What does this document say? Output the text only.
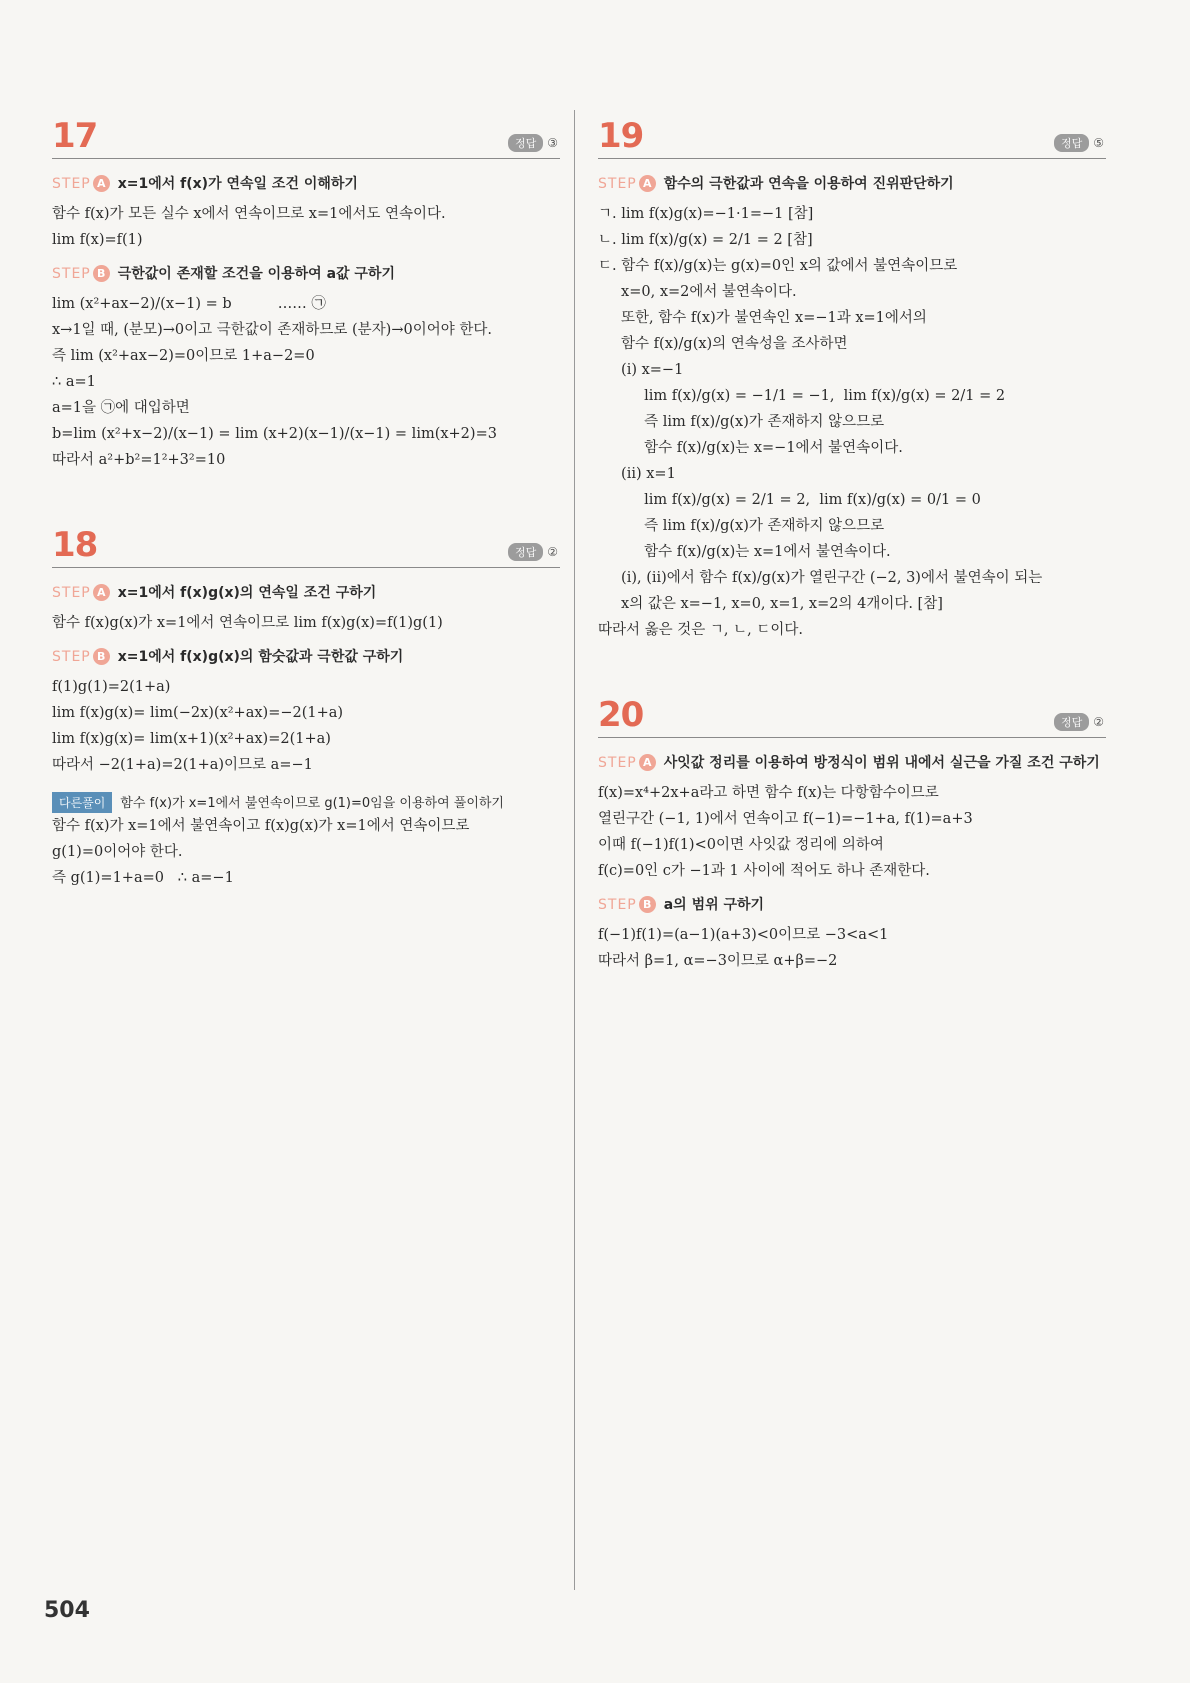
17	정답 ③
STEP A x=1에서 f(x)가 연속일 조건 이해하기
함수 f(x)가 모든 실수 x에서 연속이므로 x=1에서도 연속이다.
lim f(x)=f(1)
STEP B 극한값이 존재할 조건을 이용하여 a값 구하기
lim (x²+ax−2)/(x−1) = b          …… ㉠
x→1일 때, (분모)→0이고 극한값이 존재하므로 (분자)→0이어야 한다.
즉 lim (x²+ax−2)=0이므로 1+a−2=0
∴ a=1
a=1을 ㉠에 대입하면
b=lim (x²+x−2)/(x−1) = lim (x+2)(x−1)/(x−1) = lim(x+2)=3
따라서 a²+b²=1²+3²=10
18	정답 ②
STEP A x=1에서 f(x)g(x)의 연속일 조건 구하기
함수 f(x)g(x)가 x=1에서 연속이므로 lim f(x)g(x)=f(1)g(1)
STEP B x=1에서 f(x)g(x)의 함숫값과 극한값 구하기
f(1)g(1)=2(1+a)
lim f(x)g(x)= lim(−2x)(x²+ax)=−2(1+a)
lim f(x)g(x)= lim(x+1)(x²+ax)=2(1+a)
따라서 −2(1+a)=2(1+a)이므로 a=−1
다른풀이 함수 f(x)가 x=1에서 불연속이므로 g(1)=0임을 이용하여 풀이하기
함수 f(x)가 x=1에서 불연속이고 f(x)g(x)가 x=1에서 연속이므로
g(1)=0이어야 한다.
즉 g(1)=1+a=0   ∴ a=−1
19	정답 ⑤
STEP A 함수의 극한값과 연속을 이용하여 진위판단하기
ㄱ. lim f(x)g(x)=−1·1=−1 [참]
ㄴ. lim f(x)/g(x) = 2/1 = 2 [참]
ㄷ. 함수 f(x)/g(x)는 g(x)=0인 x의 값에서 불연속이므로
x=0, x=2에서 불연속이다.
또한, 함수 f(x)가 불연속인 x=−1과 x=1에서의
함수 f(x)/g(x)의 연속성을 조사하면
(i) x=−1
lim f(x)/g(x) = −1/1 = −1,  lim f(x)/g(x) = 2/1 = 2
즉 lim f(x)/g(x)가 존재하지 않으므로
함수 f(x)/g(x)는 x=−1에서 불연속이다.
(ii) x=1
lim f(x)/g(x) = 2/1 = 2,  lim f(x)/g(x) = 0/1 = 0
즉 lim f(x)/g(x)가 존재하지 않으므로
함수 f(x)/g(x)는 x=1에서 불연속이다.
(i), (ii)에서 함수 f(x)/g(x)가 열린구간 (−2, 3)에서 불연속이 되는
x의 값은 x=−1, x=0, x=1, x=2의 4개이다. [참]
따라서 옳은 것은 ㄱ, ㄴ, ㄷ이다.
20	정답 ②
STEP A 사잇값 정리를 이용하여 방정식이 범위 내에서 실근을 가질 조건 구하기
f(x)=x⁴+2x+a라고 하면 함수 f(x)는 다항함수이므로
열린구간 (−1, 1)에서 연속이고 f(−1)=−1+a, f(1)=a+3
이때 f(−1)f(1)<0이면 사잇값 정리에 의하여
f(c)=0인 c가 −1과 1 사이에 적어도 하나 존재한다.
STEP B a의 범위 구하기
f(−1)f(1)=(a−1)(a+3)<0이므로 −3<a<1
따라서 β=1, α=−3이므로 α+β=−2
504
